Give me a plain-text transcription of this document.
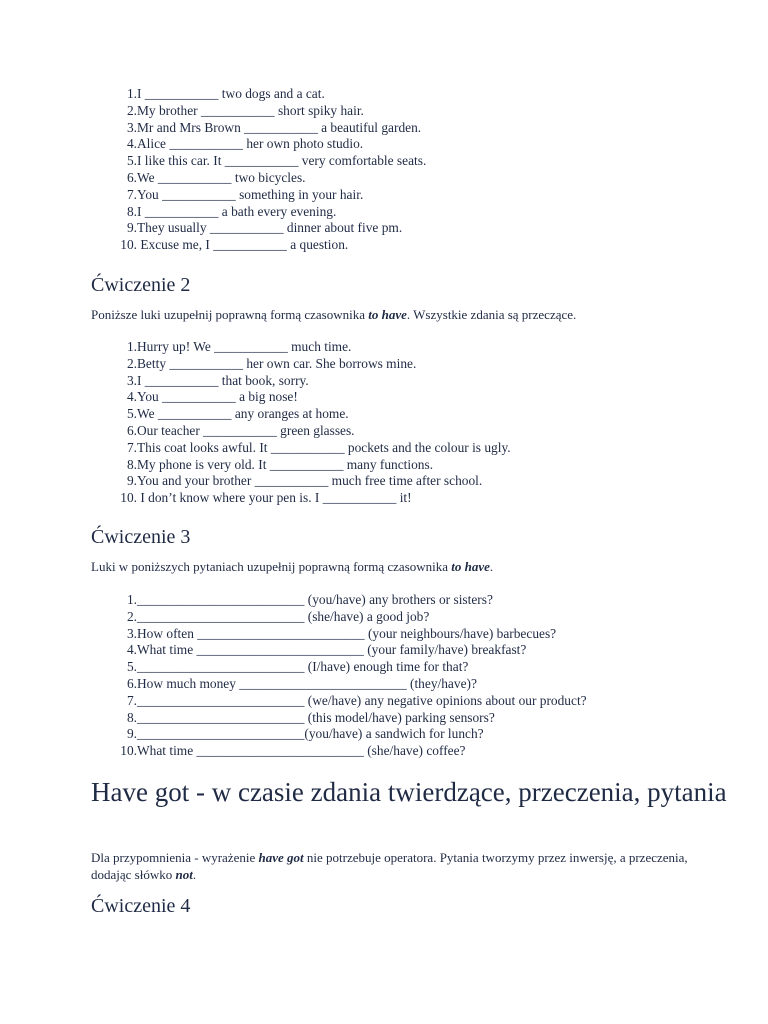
1. I ___________ two dogs and a cat.
2. My brother ___________ short spiky hair.
3. Mr and Mrs Brown ___________ a beautiful garden.
4. Alice ___________ her own photo studio.
5. I like this car. It ___________ very comfortable seats.
6. We ___________ two bicycles.
7. You ___________ something in your hair.
8. I ___________ a bath every evening.
9. They usually ___________ dinner about five pm.
10. Excuse me, I ___________ a question.
Ćwiczenie 2

Poniższe luki uzupełnij poprawną formą czasownika to have. Wszystkie zdania są przeczące.

1. Hurry up! We ___________ much time.
2. Betty ___________ her own car. She borrows mine.
3. I ___________ that book, sorry.
4. You ___________ a big nose!
5. We ___________ any oranges at home.
6. Our teacher ___________ green glasses.
7. This coat looks awful. It ___________ pockets and the colour is ugly.
8. My phone is very old. It ___________ many functions.
9. You and your brother ___________ much free time after school.
10. I don’t know where your pen is. I ___________ it!
Ćwiczenie 3

Luki w poniższych pytaniach uzupełnij poprawną formą czasownika to have.

1. _________________________ (you/have) any brothers or sisters?
2. _________________________ (she/have) a good job?
3. How often _________________________ (your neighbours/have) barbecues?
4. What time _________________________ (your family/have) breakfast?
5. _________________________ (I/have) enough time for that?
6. How much money _________________________ (they/have)?
7. _________________________ (we/have) any negative opinions about our product?
8. _________________________ (this model/have) parking sensors?
9. _________________________(you/have) a sandwich for lunch?
10. What time _________________________ (she/have) coffee?
Have got - w czasie zdania twierdzące, przeczenia, pytania

Dla przypomnienia - wyrażenie have got nie potrzebuje operatora. Pytania tworzymy przez inwersję, a przeczenia, dodając słówko not.

Ćwiczenie 4
